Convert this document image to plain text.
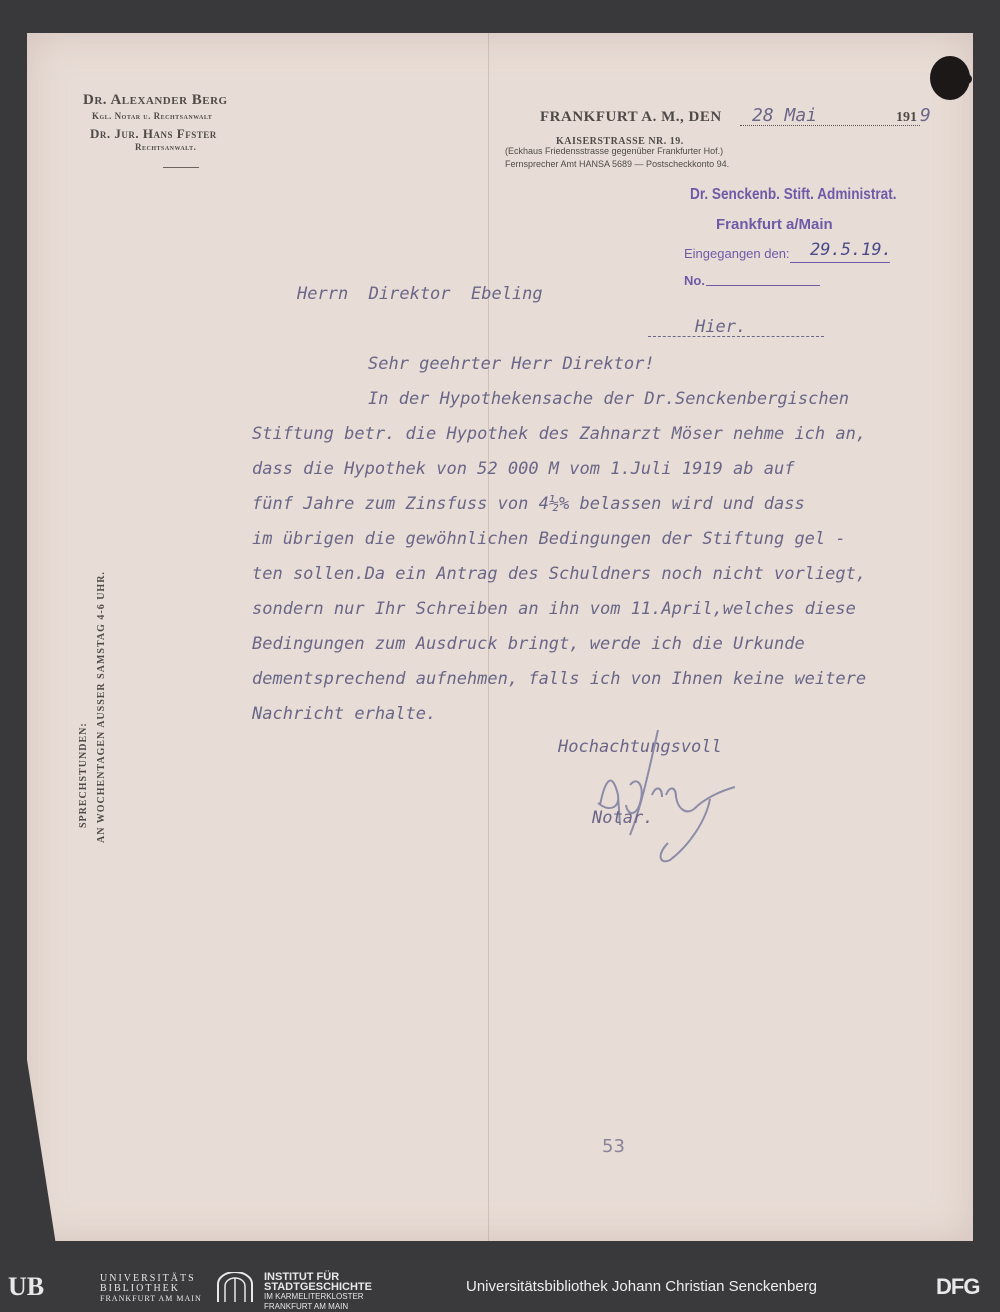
Dr. Alexander Berg
Kgl. Notar u. Rechtsanwalt
Dr. Jur. Hans Ffster
Rechtsanwalt.
FRANKFURT A. M., DEN 28 Mai	191 9
KAISERSTRASSE NR. 19.
(Eckhaus Friedensstrasse gegenüber Frankfurter Hof.)
Fernsprecher Amt HANSA 5689 — Postscheckkonto 94.
Dr. Senckenb. Stift. Administrat.
Frankfurt a/Main
Eingegangen den: 29.5.19.
No.
SPRECHSTUNDEN: AN WOCHENTAGEN AUSSER SAMSTAG 4-6 UHR.
Herrn  Direktor  Ebeling
Hier.
Sehr geehrter Herr Direktor!
In der Hypothekensache der Dr.Senckenbergischen
Stiftung betr. die Hypothek des Zahnarzt Möser nehme ich an,
dass die Hypothek von 52 000 M vom 1.Juli 1919 ab auf
fünf Jahre zum Zinsfuss von 4½% belassen wird und dass
im übrigen die gewöhnlichen Bedingungen der Stiftung gel -
ten sollen.Da ein Antrag des Schuldners noch nicht vorliegt,
sondern nur Ihr Schreiben an ihn vom 11.April,welches diese
Bedingungen zum Ausdruck bringt, werde ich die Urkunde
dementsprechend aufnehmen, falls ich von Ihnen keine weitere
Nachricht erhalte.
Hochachtungsvoll
Notar.
53
UB	UNIVERSITÄTS
BIBLIOTHEK
FRANKFURT AM MAIN
INSTITUT FÜR
STADTGESCHICHTE
IM KARMELITERKLOSTER
FRANKFURT AM MAIN
Universitätsbibliothek Johann Christian Senckenberg	DFG
